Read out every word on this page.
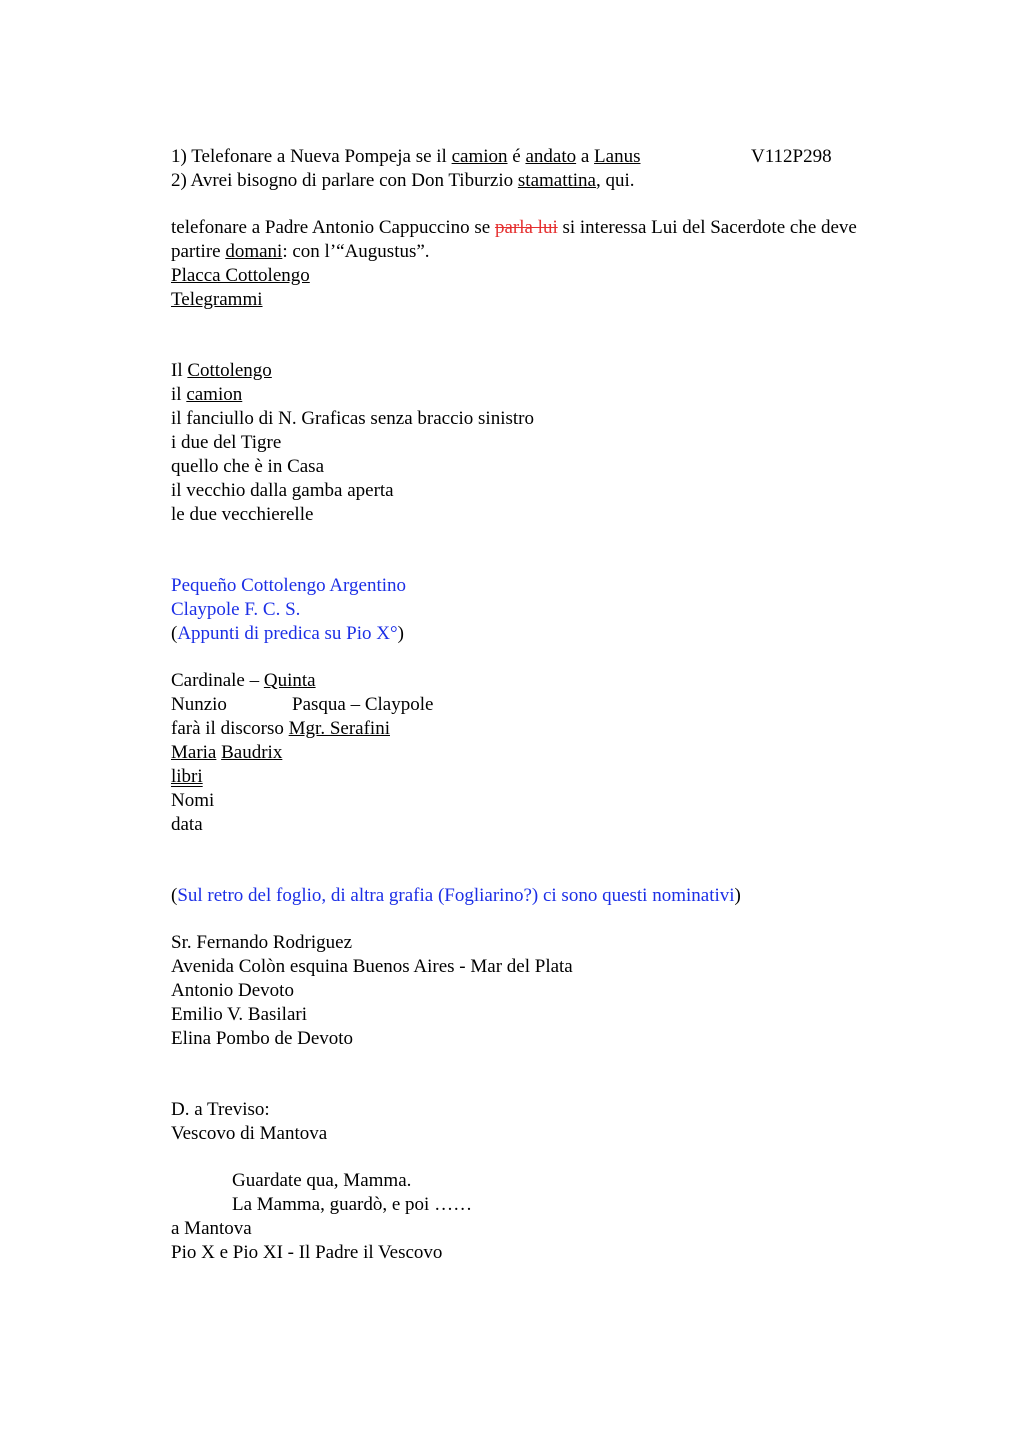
V112P298
1) Telefonare a Nueva Pompeja se il camion é andato a Lanus
2) Avrei bisogno di parlare con Don Tiburzio stamattina, qui.
telefonare a Padre Antonio Cappuccino se parla lui si interessa Lui del Sacerdote che deve
partire domani: con l’“Augustus”.
Placca Cottolengo
Telegrammi
Il Cottolengo
il camion
il fanciullo di N. Graficas senza braccio sinistro
i due del Tigre
quello che è in Casa
il vecchio dalla gamba aperta
le due vecchierelle
Pequeño Cottolengo Argentino
Claypole F. C. S.
(Appunti di predica su Pio X°)
Cardinale – Quinta
Nunzio	Pasqua – Claypole
farà il discorso Mgr. Serafini
Maria Baudrix
libri
Nomi
data
(Sul retro del foglio, di altra grafia (Fogliarino?) ci sono questi nominativi)
Sr. Fernando Rodriguez
Avenida Colòn esquina Buenos Aires - Mar del Plata
Antonio Devoto
Emilio V. Basilari
Elina Pombo de Devoto
D. a Treviso:
Vescovo di Mantova
Guardate qua, Mamma.
La Mamma, guardò, e poi ……
a Mantova
Pio X e Pio XI - Il Padre il Vescovo
